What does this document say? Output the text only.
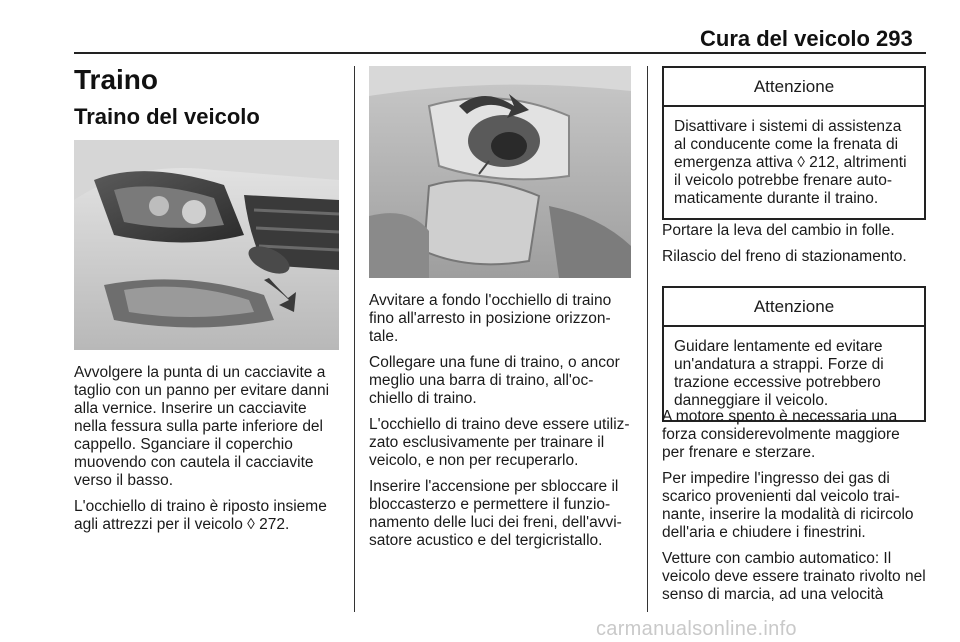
Cura del veicolo 293
Traino
Traino del veicolo

Avvolgere la punta di un cacciavite a taglio con un panno per evitare danni alla vernice. Inserire un cacciavite nella fessura sulla parte inferiore del cappello. Sganciare il coperchio muovendo con cautela il cacciavite verso il basso.

L'occhiello di traino è riposto insieme agli attrezzi per il veicolo ◊ 272.

Avvitare a fondo l'occhiello di traino fino all'arresto in posizione orizzon-tale.

Collegare una fune di traino, o ancor meglio una barra di traino, all'oc-chiello di traino.

L'occhiello di traino deve essere utiliz-zato esclusivamente per trainare il veicolo, e non per recuperarlo.

Inserire l'accensione per sbloccare il bloccasterzo e permettere il funzio-namento delle luci dei freni, dell'avvi-satore acustico e del tergicristallo.

Attenzione
Disattivare i sistemi di assistenza al conducente come la frenata di emergenza attiva ◊ 212, altrimenti il veicolo potrebbe frenare auto-maticamente durante il traino.

Portare la leva del cambio in folle.

Rilascio del freno di stazionamento.

Attenzione
Guidare lentamente ed evitare un'andatura a strappi. Forze di trazione eccessive potrebbero danneggiare il veicolo.

A motore spento è necessaria una forza considerevolmente maggiore per frenare e sterzare.

Per impedire l'ingresso dei gas di scarico provenienti dal veicolo trai-nante, inserire la modalità di ricircolo dell'aria e chiudere i finestrini.

Vetture con cambio automatico: Il veicolo deve essere trainato rivolto nel senso di marcia, ad una velocità

carmanualsonline.info
